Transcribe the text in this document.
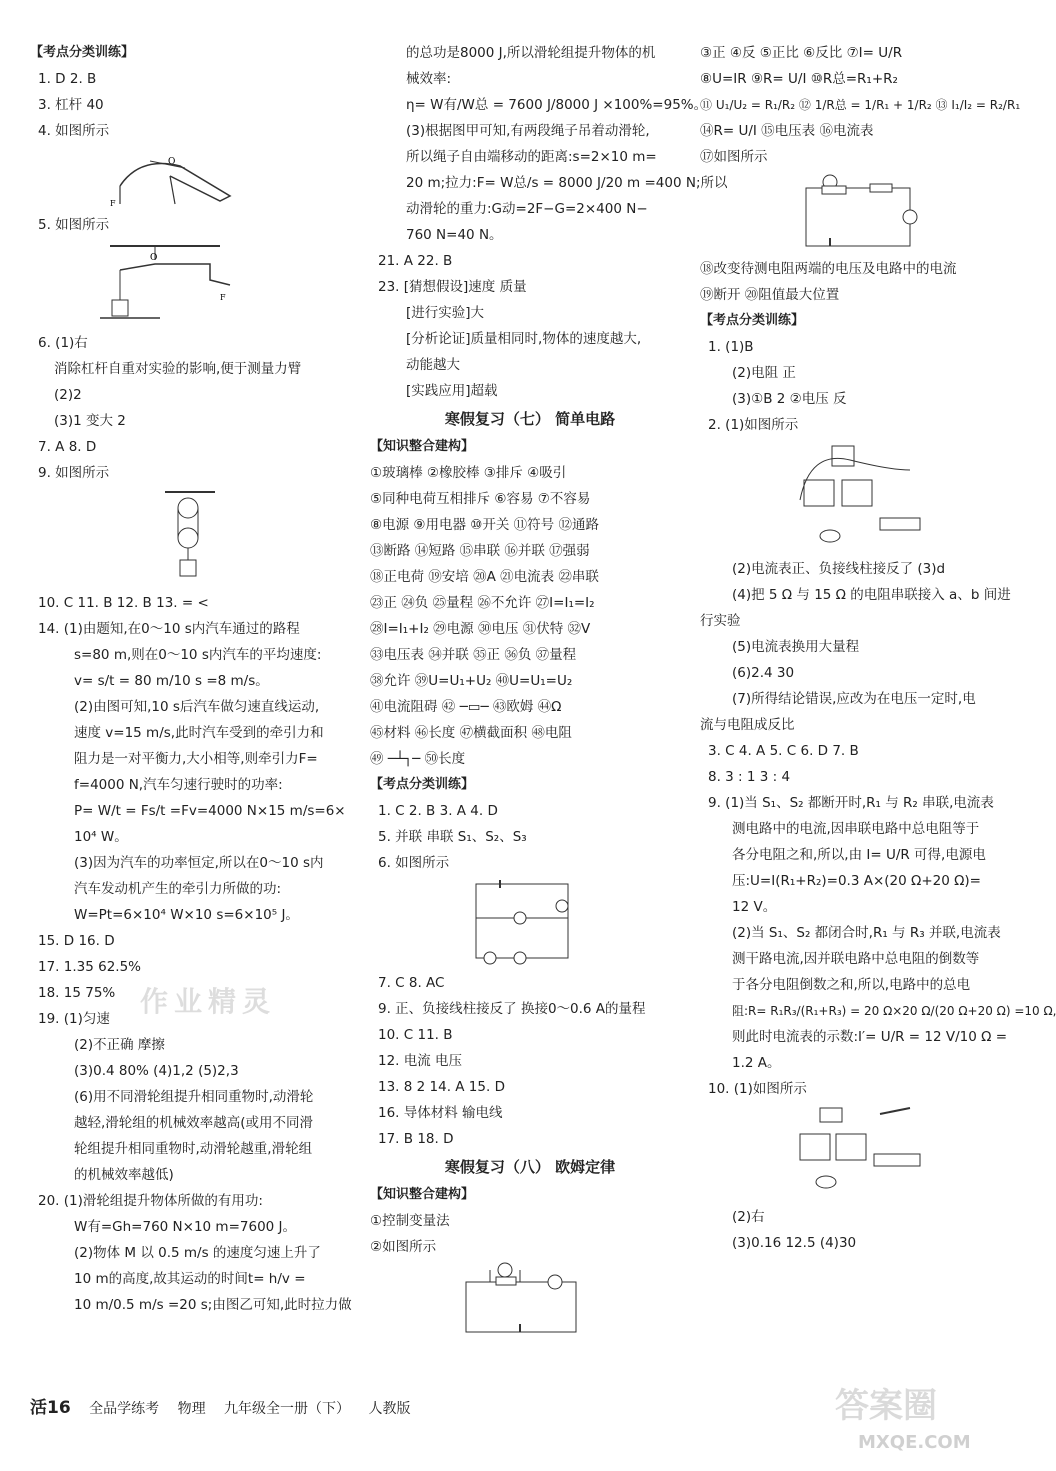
【考点分类训练】
1. D 2. B
3. 杠杆 40
4. 如图所示
O
F
5. 如图所示
O
F
6. (1)右
消除杠杆自重对实验的影响,便于测量力臂
(2)2
(3)1 变大 2
7. A 8. D
9. 如图所示
10. C 11. B 12. B 13. = <
14. (1)由题知,在0～10 s内汽车通过的路程
s=80 m,则在0～10 s内汽车的平均速度:
v= s/t = 80 m/10 s =8 m/s。
(2)由图可知,10 s后汽车做匀速直线运动,
速度 v=15 m/s,此时汽车受到的牵引力和
阻力是一对平衡力,大小相等,则牵引力F=
f=4000 N,汽车匀速行驶时的功率:
P= W/t = Fs/t =Fv=4000 N×15 m/s=6×
10⁴ W。
(3)因为汽车的功率恒定,所以在0～10 s内
汽车发动机产生的牵引力所做的功:
W=Pt=6×10⁴ W×10 s=6×10⁵ J。
15. D 16. D
17. 1.35 62.5%
18. 15 75%
19. (1)匀速
(2)不正确 摩擦
(3)0.4 80% (4)1,2 (5)2,3
(6)用不同滑轮组提升相同重物时,动滑轮
越轻,滑轮组的机械效率越高(或用不同滑
轮组提升相同重物时,动滑轮越重,滑轮组
的机械效率越低)
20. (1)滑轮组提升物体所做的有用功:
W有=Gh=760 N×10 m=7600 J。
(2)物体 M 以 0.5 m/s 的速度匀速上升了
10 m的高度,故其运动的时间t= h/v =
10 m/0.5 m/s =20 s;由图乙可知,此时拉力做
的总功是8000 J,所以滑轮组提升物体的机
械效率:
η= W有/W总 = 7600 J/8000 J ×100%=95%。
(3)根据图甲可知,有两段绳子吊着动滑轮,
所以绳子自由端移动的距离:s=2×10 m=
20 m;拉力:F= W总/s = 8000 J/20 m =400 N;所以
动滑轮的重力:G动=2F−G=2×400 N−
760 N=40 N。
21. A 22. B
23. [猜想假设]速度 质量
[进行实验]大
[分析论证]质量相同时,物体的速度越大,
动能越大
[实践应用]超载
寒假复习（七） 简单电路
【知识整合建构】
①玻璃棒 ②橡胶棒 ③排斥 ④吸引
⑤同种电荷互相排斥 ⑥容易 ⑦不容易
⑧电源 ⑨用电器 ⑩开关 ⑪符号 ⑫通路
⑬断路 ⑭短路 ⑮串联 ⑯并联 ⑰强弱
⑱正电荷 ⑲安培 ⑳A ㉑电流表 ㉒串联
㉓正 ㉔负 ㉕量程 ㉖不允许 ㉗I=I₁=I₂
㉘I=I₁+I₂ ㉙电源 ㉚电压 ㉛伏特 ㉜V
㉝电压表 ㉞并联 ㉟正 ㊱负 ㊲量程
㊳允许 ㊴U=U₁+U₂ ㊵U=U₁=U₂
㊶电流阻碍 ㊷ ─▭─ ㊸欧姆 ㊹Ω
㊺材料 ㊻长度 ㊼横截面积 ㊽电阻
㊾ ─┴┐─ ㊿长度
【考点分类训练】
1. C 2. B 3. A 4. D
5. 并联 串联 S₁、S₂、S₃
6. 如图所示
7. C 8. AC
9. 正、负接线柱接反了 换接0～0.6 A的量程
10. C 11. B
12. 电流 电压
13. 8 2 14. A 15. D
16. 导体材料 输电线
17. B 18. D
寒假复习（八） 欧姆定律
【知识整合建构】
①控制变量法
②如图所示
③正 ④反 ⑤正比 ⑥反比 ⑦I= U/R
⑧U=IR ⑨R= U/I ⑩R总=R₁+R₂
⑪ U₁/U₂ = R₁/R₂ ⑫ 1/R总 = 1/R₁ + 1/R₂ ⑬ I₁/I₂ = R₂/R₁
⑭R= U/I ⑮电压表 ⑯电流表
⑰如图所示
⑱改变待测电阻两端的电压及电路中的电流
⑲断开 ⑳阻值最大位置
【考点分类训练】
1. (1)B
(2)电阻 正
(3)①B 2 ②电压 反
2. (1)如图所示
(2)电流表正、负接线柱接反了 (3)d
(4)把 5 Ω 与 15 Ω 的电阻串联接入 a、b 间进
行实验
(5)电流表换用大量程
(6)2.4 30
(7)所得结论错误,应改为在电压一定时,电
流与电阻成反比
3. C 4. A 5. C 6. D 7. B
8. 3 : 1 3 : 4
9. (1)当 S₁、S₂ 都断开时,R₁ 与 R₂ 串联,电流表
测电路中的电流,因串联电路中总电阻等于
各分电阻之和,所以,由 I= U/R 可得,电源电
压:U=I(R₁+R₂)=0.3 A×(20 Ω+20 Ω)=
12 V。
(2)当 S₁、S₂ 都闭合时,R₁ 与 R₃ 并联,电流表
测干路电流,因并联电路中总电阻的倒数等
于各分电阻倒数之和,所以,电路中的总电
阻:R= R₁R₃/(R₁+R₃) = 20 Ω×20 Ω/(20 Ω+20 Ω) =10 Ω,
则此时电流表的示数:I′= U/R = 12 V/10 Ω =
1.2 A。
10. (1)如图所示
(2)右
(3)0.16 12.5 (4)30
活16 全品学练考 物理 九年级全一册（下） 人教版
作业精灵
答案圈
MXQE.COM
